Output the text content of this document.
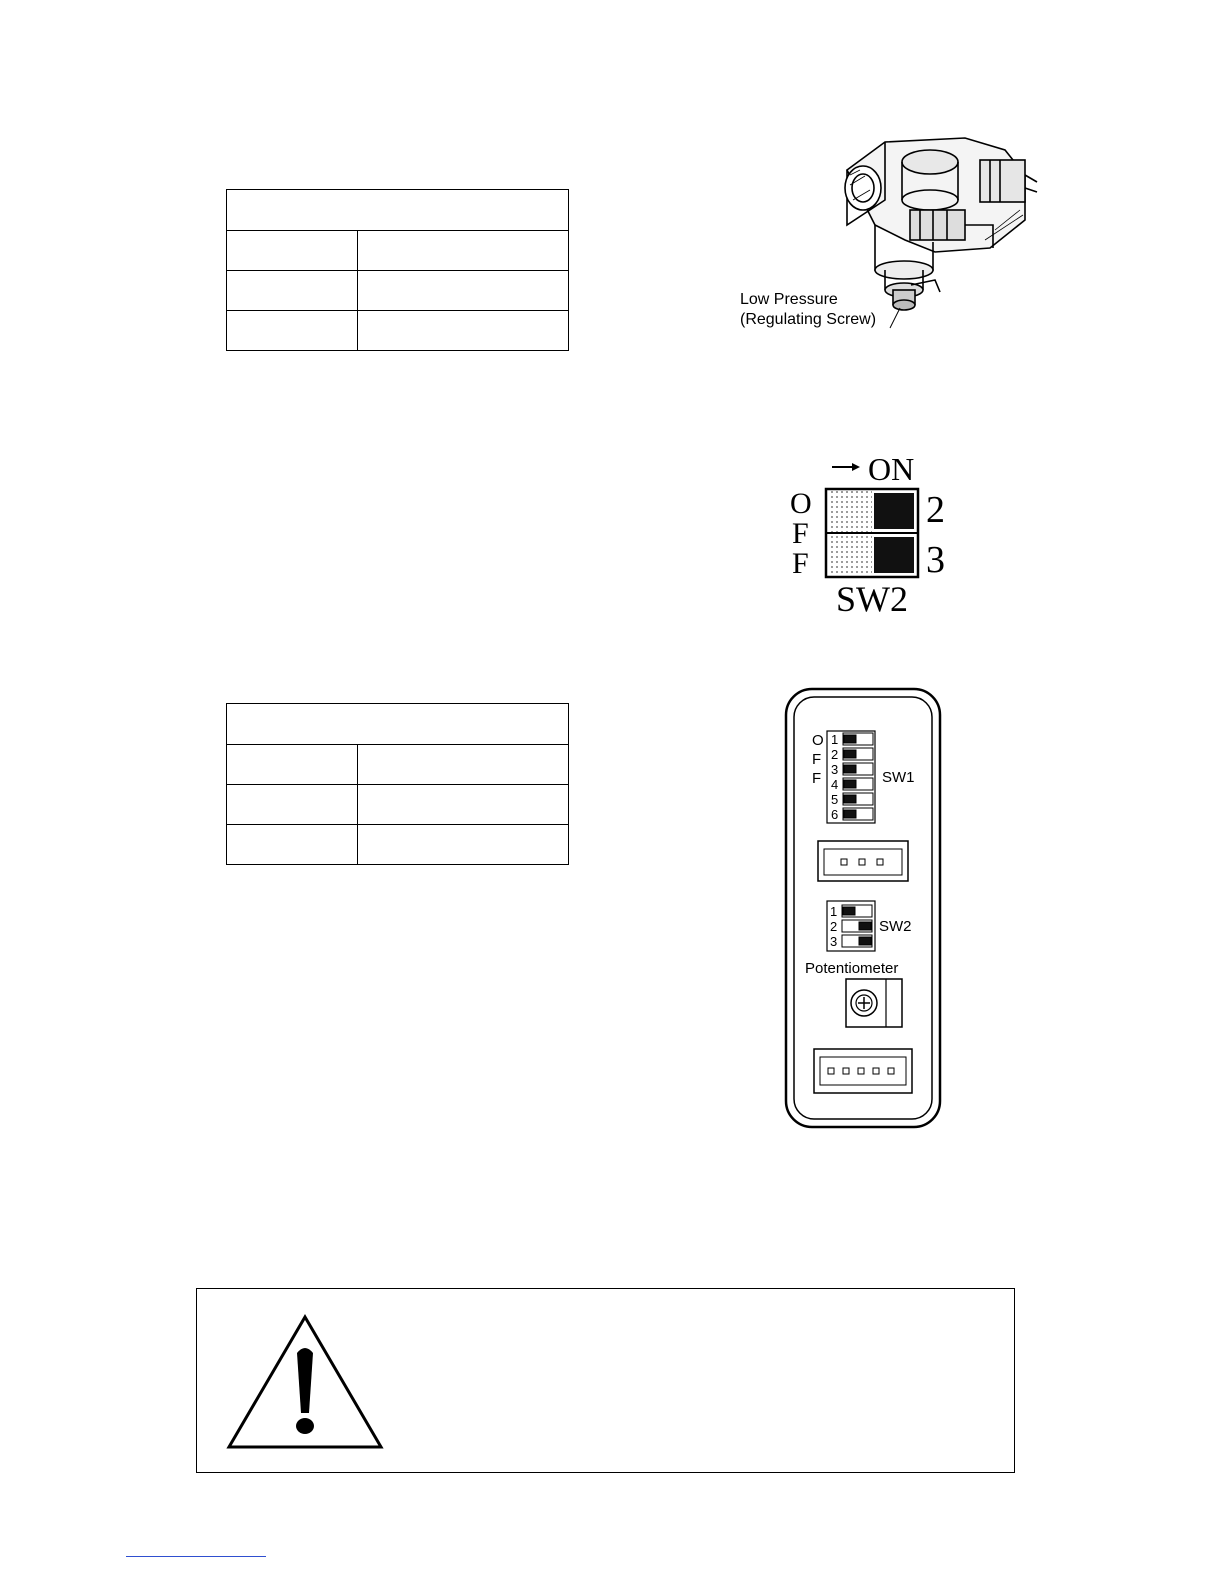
Low Pressure
(Regulating Screw)
ON
O
F
F
2
3
SW2
O
F
F
1
2
3
4
5
6
SW1
1
2
3
SW2
Potentiometer
